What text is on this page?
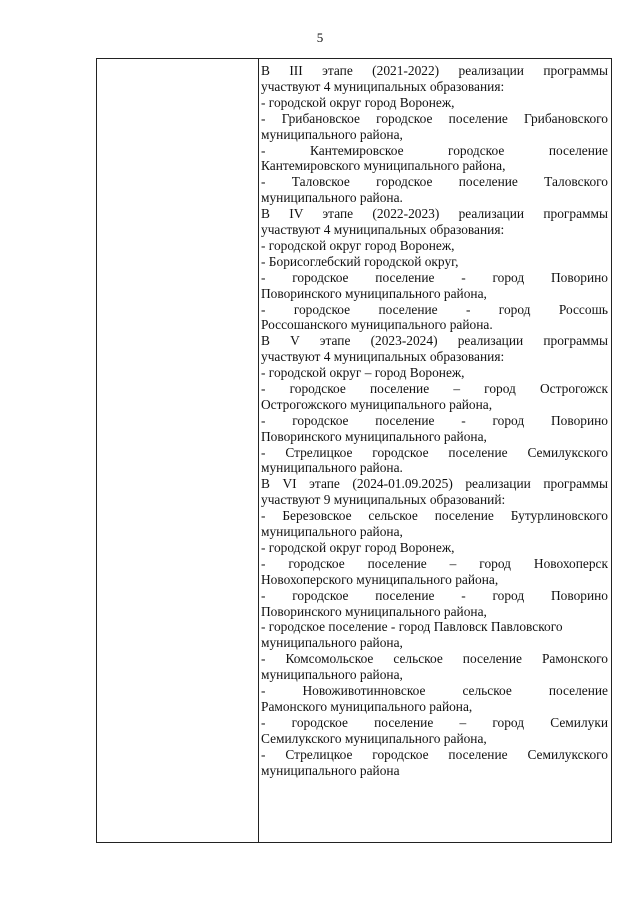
5
В III этапе (2021-2022) реализации программы
участвуют 4 муниципальных образования:
- городской округ город Воронеж,
- Грибановское городское поселение Грибановского
муниципального района,
- Кантемировское городское поселение
Кантемировского муниципального района,
- Таловское городское поселение Таловского
муниципального района.
В IV этапе (2022-2023) реализации программы
участвуют 4 муниципальных образования:
- городской округ город Воронеж,
- Борисоглебский городской округ,
- городское поселение - город Поворино
Поворинского муниципального района,
- городское поселение - город Россошь
Россошанского муниципального района.
В V этапе (2023-2024) реализации программы
участвуют 4 муниципальных образования:
- городской округ – город Воронеж,
- городское поселение – город Острогожск
Острогожского муниципального района,
- городское поселение - город Поворино
Поворинского муниципального района,
- Стрелицкое городское поселение Семилукского
муниципального района.
В VI этапе (2024-01.09.2025) реализации программы
участвуют 9 муниципальных образований:
- Березовское сельское поселение Бутурлиновского
муниципального района,
- городской округ город Воронеж,
- городское поселение – город Новохоперск
Новохоперского муниципального района,
- городское поселение - город Поворино
Поворинского муниципального района,
- городское поселение - город Павловск Павловского
муниципального района,
- Комсомольское сельское поселение Рамонского
муниципального района,
- Новоживотинновское сельское поселение
Рамонского муниципального района,
- городское поселение – город Семилуки
Семилукского муниципального района,
- Стрелицкое городское поселение Семилукского
муниципального района
